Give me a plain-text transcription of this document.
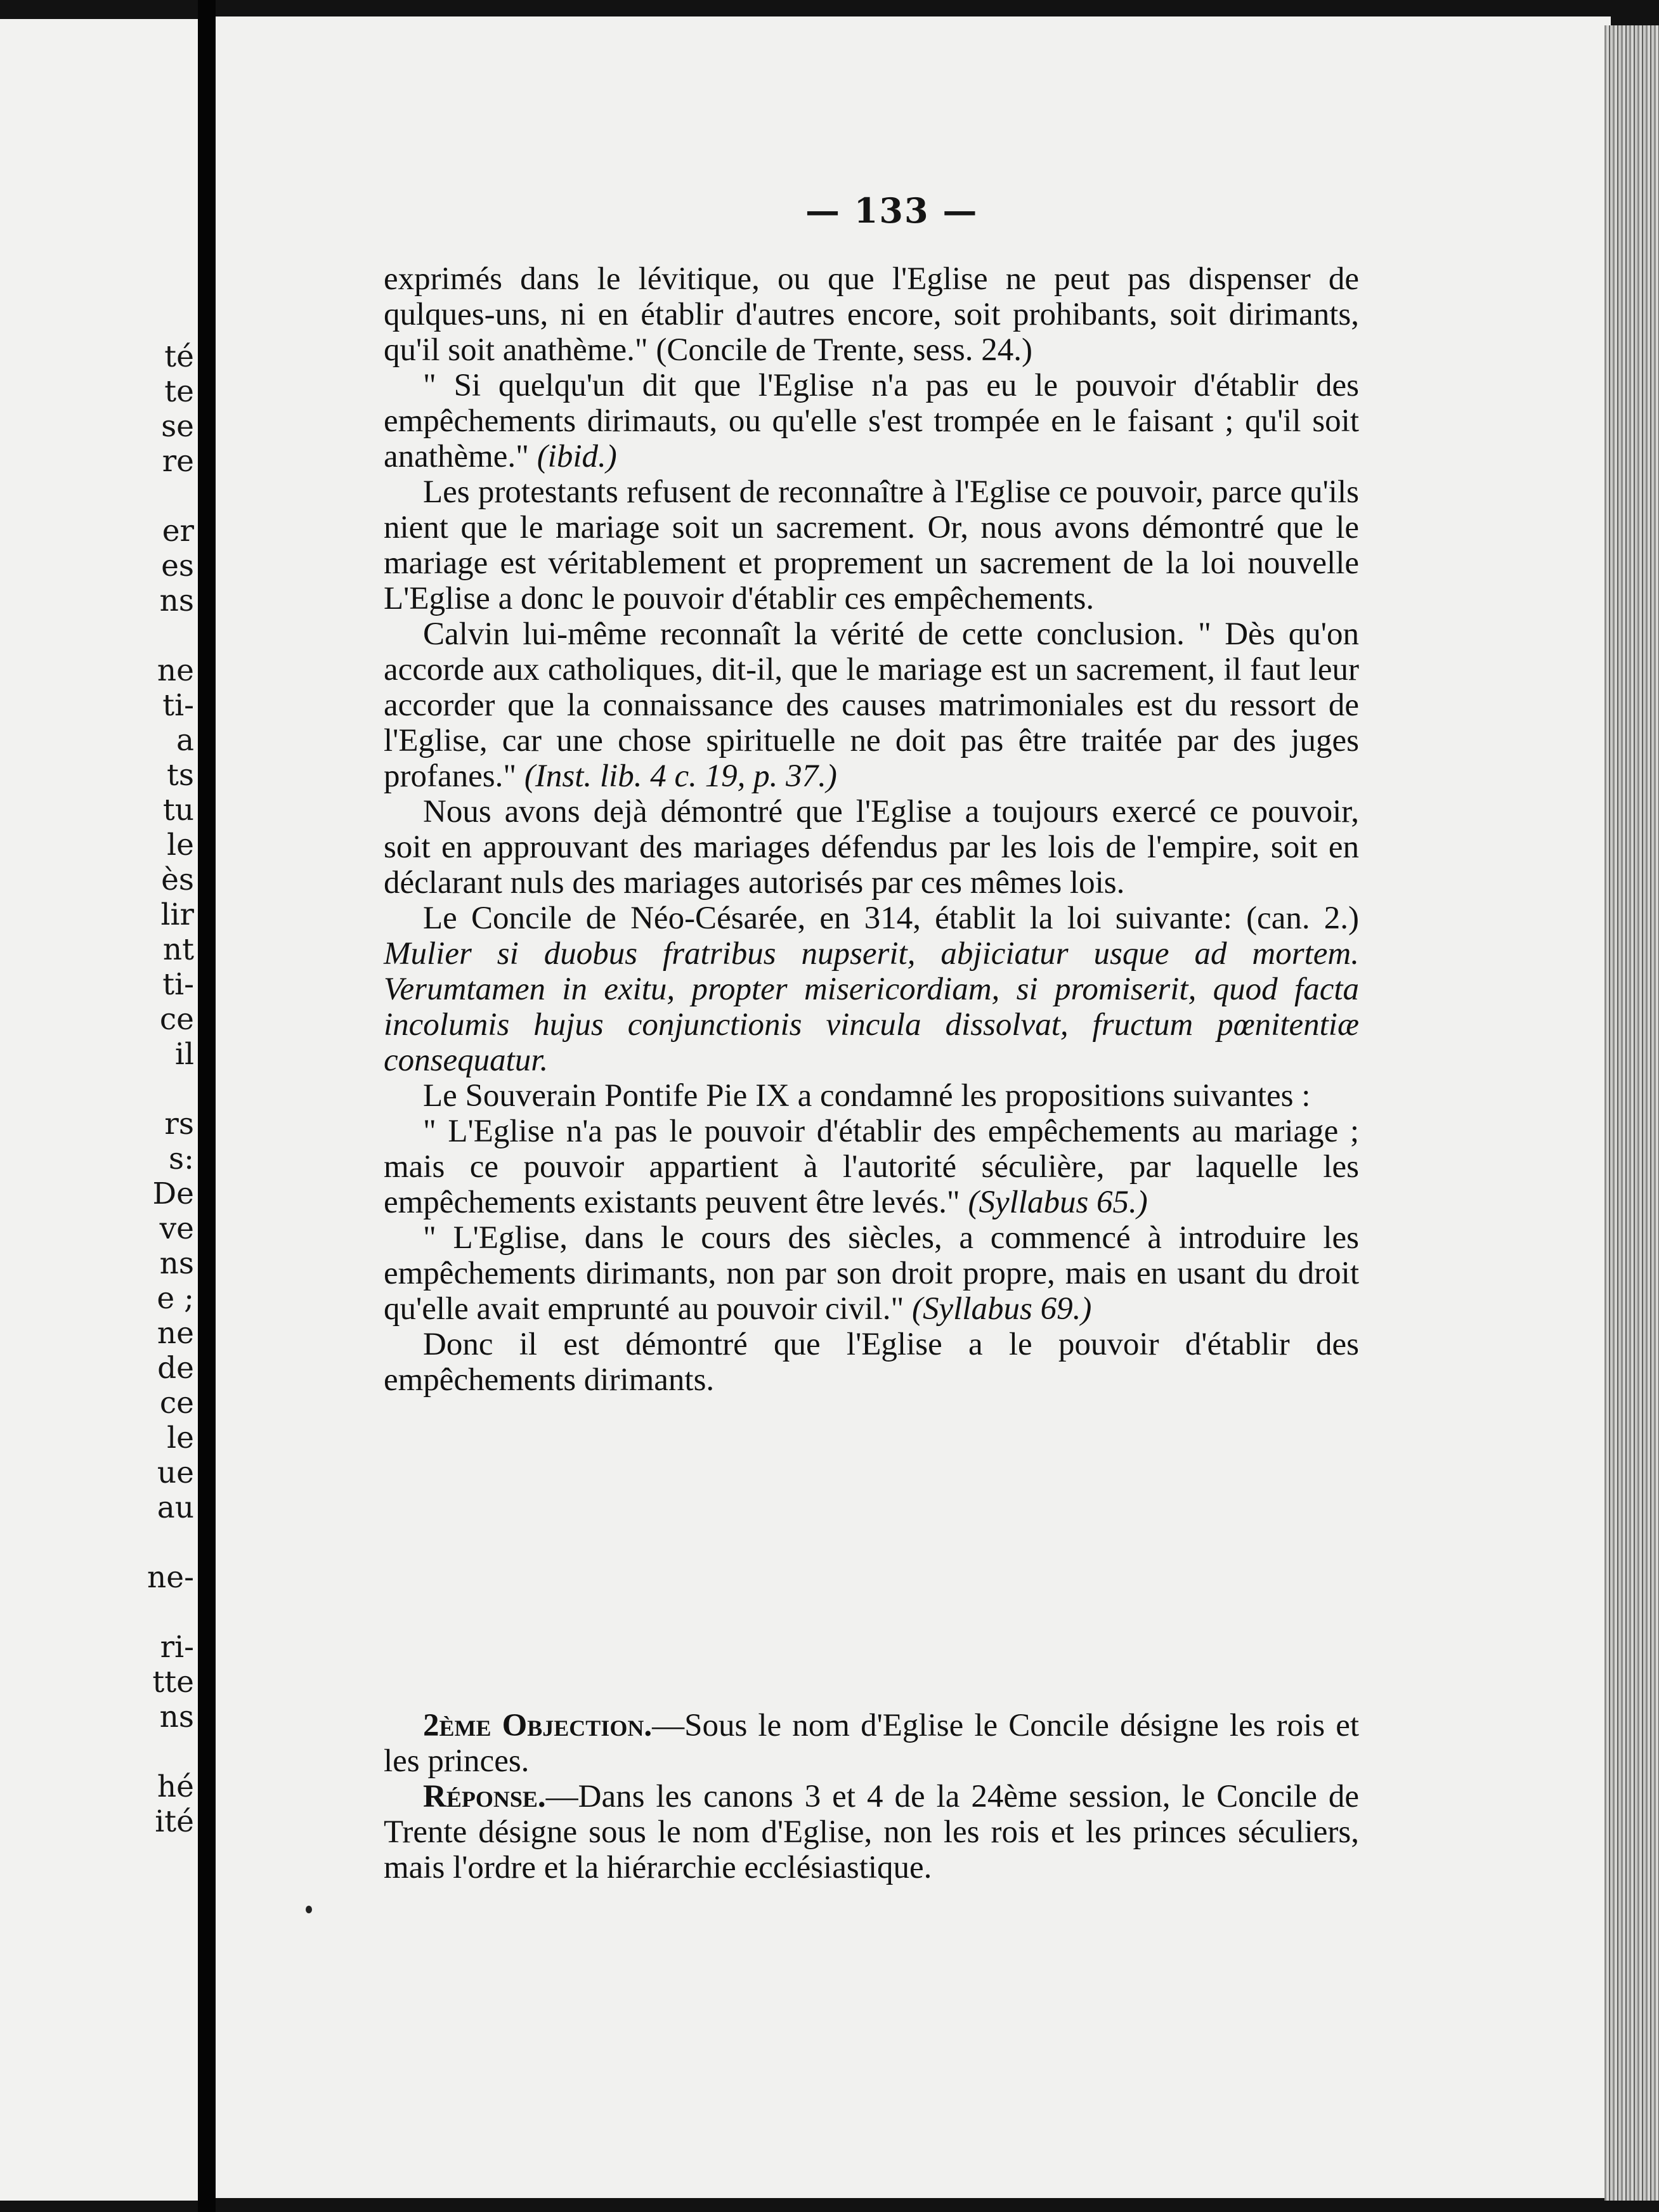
té
te
se
re
er
es
ns
ne
ti-
a
ts
tu
le
ès
lir
nt
ti-
ce
il
rs
s:
De
ve
ns
e ;
ne
de
ce
le
ue
au
ne-
ri-
tte
ns
hé
ité
— 133 —

exprimés dans le lévitique, ou que l'Eglise ne peut pas dispenser de qulques-uns, ni en établir d'autres encore, soit prohibants, soit dirimants, qu'il soit anathème." (Concile de Trente, sess. 24.)

" Si quelqu'un dit que l'Eglise n'a pas eu le pouvoir d'établir des empêchements dirimauts, ou qu'elle s'est trompée en le faisant ; qu'il soit anathème." (ibid.)

Les protestants refusent de reconnaître à l'Eglise ce pouvoir, parce qu'ils nient que le mariage soit un sacrement. Or, nous avons démontré que le mariage est véritablement et proprement un sacrement de la loi nouvelle L'Eglise a donc le pouvoir d'établir ces empêchements.

Calvin lui-même reconnaît la vérité de cette conclusion. " Dès qu'on accorde aux catholiques, dit-il, que le mariage est un sacrement, il faut leur accorder que la connaissance des causes matrimoniales est du ressort de l'Eglise, car une chose spirituelle ne doit pas être traitée par des juges profanes." (Inst. lib. 4 c. 19, p. 37.)

Nous avons dejà démontré que l'Eglise a toujours exercé ce pouvoir, soit en approuvant des mariages défendus par les lois de l'empire, soit en déclarant nuls des mariages autorisés par ces mêmes lois.

Le Concile de Néo-Césarée, en 314, établit la loi suivante: (can. 2.) Mulier si duobus fratribus nupserit, abjiciatur usque ad mortem. Verumtamen in exitu, propter misericordiam, si promiserit, quod facta incolumis hujus conjunctionis vincula dissolvat, fructum pœnitentiæ consequatur.

Le Souverain Pontife Pie IX a condamné les propositions suivantes :

" L'Eglise n'a pas le pouvoir d'établir des empêchements au mariage ; mais ce pouvoir appartient à l'autorité séculière, par laquelle les empêchements existants peuvent être levés." (Syllabus 65.)

" L'Eglise, dans le cours des siècles, a commencé à introduire les empêchements dirimants, non par son droit propre, mais en usant du droit qu'elle avait emprunté au pouvoir civil." (Syllabus 69.)

Donc il est démontré que l'Eglise a le pouvoir d'établir des empêchements dirimants.

2ème Objection.—Sous le nom d'Eglise le Concile désigne les rois et les princes.

Réponse.—Dans les canons 3 et 4 de la 24ème session, le Concile de Trente désigne sous le nom d'Eglise, non les rois et les princes séculiers, mais l'ordre et la hiérarchie ecclésiastique.
